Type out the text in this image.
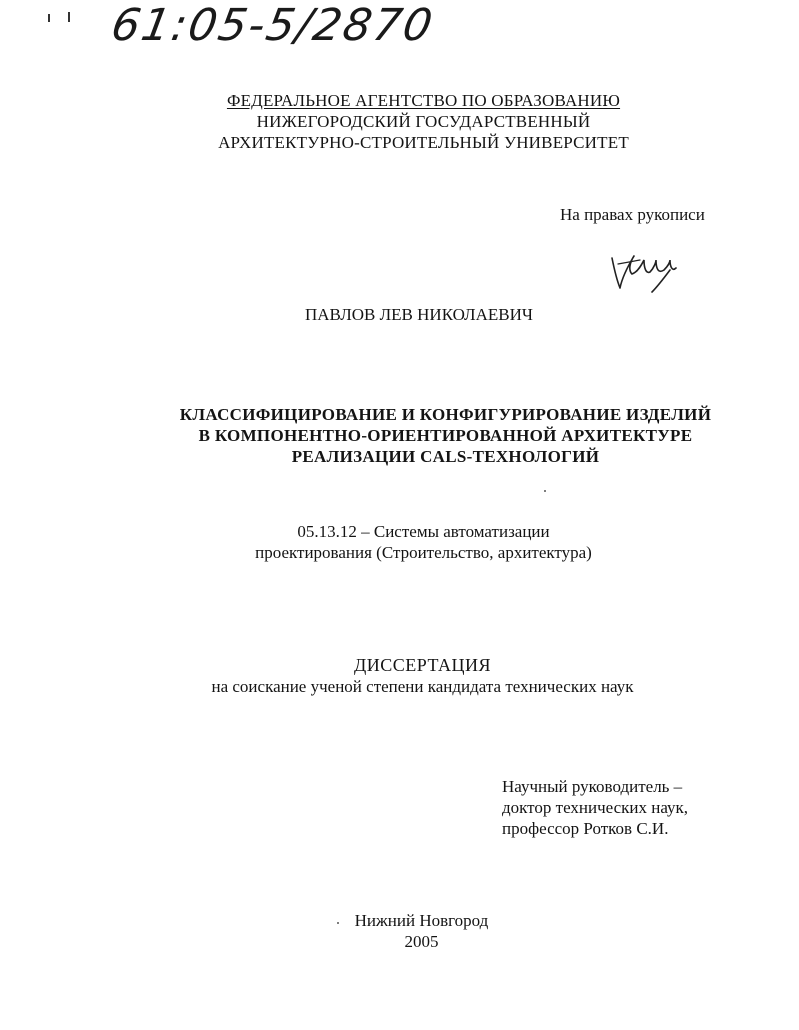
61:05-5/2870
ФЕДЕРАЛЬНОЕ АГЕНТСТВО ПО ОБРАЗОВАНИЮ
НИЖЕГОРОДСКИЙ ГОСУДАРСТВЕННЫЙ
АРХИТЕКТУРНО-СТРОИТЕЛЬНЫЙ УНИВЕРСИТЕТ
На правах рукописи
ПАВЛОВ ЛЕВ НИКОЛАЕВИЧ
КЛАССИФИЦИРОВАНИЕ И КОНФИГУРИРОВАНИЕ ИЗДЕЛИЙ
В КОМПОНЕНТНО-ОРИЕНТИРОВАННОЙ АРХИТЕКТУРЕ
РЕАЛИЗАЦИИ CALS-ТЕХНОЛОГИЙ
05.13.12 – Системы автоматизации
проектирования (Строительство, архитектура)
ДИССЕРТАЦИЯ
на соискание ученой степени кандидата технических наук
Научный руководитель –
доктор технических наук,
профессор Ротков С.И.
Нижний Новгород
2005
